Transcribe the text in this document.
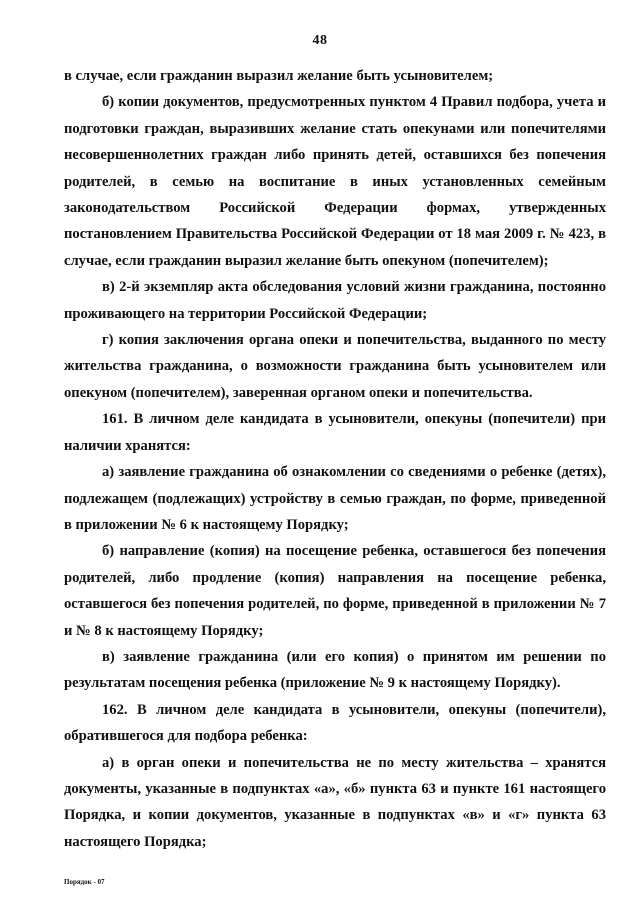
48

в случае, если гражданин выразил желание быть усыновителем;

б) копии документов, предусмотренных пунктом 4 Правил подбора, учета и подготовки граждан, выразивших желание стать опекунами или попечителями несовершеннолетних граждан либо принять детей, оставшихся без попечения родителей, в семью на воспитание в иных установленных семейным законодательством Российской Федерации формах, утвержденных постановлением Правительства Российской Федерации от 18 мая 2009 г. № 423, в случае, если гражданин выразил желание быть опекуном (попечителем);

в) 2-й экземпляр акта обследования условий жизни гражданина, постоянно проживающего на территории Российской Федерации;

г) копия заключения органа опеки и попечительства, выданного по месту жительства гражданина, о возможности гражданина быть усыновителем или опекуном (попечителем), заверенная органом опеки и попечительства.

161. В личном деле кандидата в усыновители, опекуны (попечители) при наличии хранятся:

а) заявление гражданина об ознакомлении со сведениями о ребенке (детях), подлежащем (подлежащих) устройству в семью граждан, по форме, приведенной в приложении № 6 к настоящему Порядку;

б) направление (копия) на посещение ребенка, оставшегося без попечения родителей, либо продление (копия) направления на посещение ребенка, оставшегося без попечения родителей, по форме, приведенной в приложении № 7 и № 8 к настоящему Порядку;

в) заявление гражданина (или его копия) о принятом им решении по результатам посещения ребенка (приложение № 9 к настоящему Порядку).

162. В личном деле кандидата в усыновители, опекуны (попечители), обратившегося для подбора ребенка:

а) в орган опеки и попечительства не по месту жительства – хранятся документы, указанные в подпунктах «а», «б» пункта 63 и пункте 161 настоящего Порядка, и копии документов, указанные в подпунктах «в» и «г» пункта 63 настоящего Порядка;

Порядок - 07
